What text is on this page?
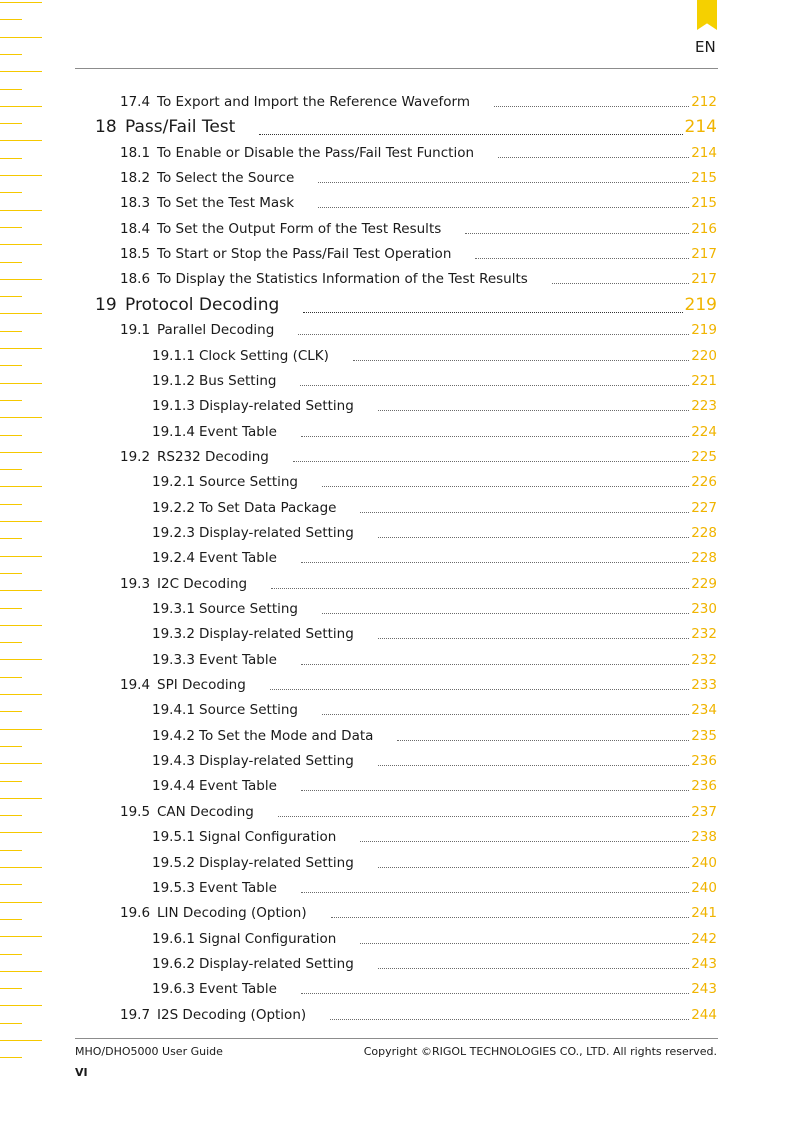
EN
17.4 To Export and Import the Reference Waveform	212
18 Pass/Fail Test	214
18.1 To Enable or Disable the Pass/Fail Test Function	214
18.2 To Select the Source	215
18.3 To Set the Test Mask	215
18.4 To Set the Output Form of the Test Results	216
18.5 To Start or Stop the Pass/Fail Test Operation	217
18.6 To Display the Statistics Information of the Test Results	217
19 Protocol Decoding	219
19.1 Parallel Decoding	219
19.1.1 Clock Setting (CLK)	220
19.1.2 Bus Setting	221
19.1.3 Display-related Setting	223
19.1.4 Event Table	224
19.2 RS232 Decoding	225
19.2.1 Source Setting	226
19.2.2 To Set Data Package	227
19.2.3 Display-related Setting	228
19.2.4 Event Table	228
19.3 I2C Decoding	229
19.3.1 Source Setting	230
19.3.2 Display-related Setting	232
19.3.3 Event Table	232
19.4 SPI Decoding	233
19.4.1 Source Setting	234
19.4.2 To Set the Mode and Data	235
19.4.3 Display-related Setting	236
19.4.4 Event Table	236
19.5 CAN Decoding	237
19.5.1 Signal Configuration	238
19.5.2 Display-related Setting	240
19.5.3 Event Table	240
19.6 LIN Decoding (Option)	241
19.6.1 Signal Configuration	242
19.6.2 Display-related Setting	243
19.6.3 Event Table	243
19.7 I2S Decoding (Option)	244
MHO/DHO5000 User Guide	Copyright ©RIGOL TECHNOLOGIES CO., LTD. All rights reserved.
VI
